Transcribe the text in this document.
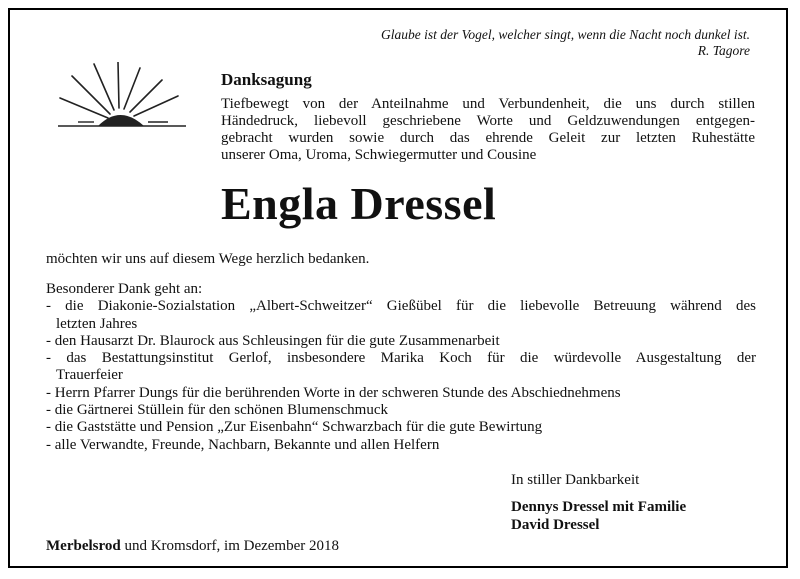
Glaube ist der Vogel, welcher singt, wenn die Nacht noch dunkel ist.
R. Tagore
Danksagung
Tiefbewegt von der Anteilnahme und Verbundenheit, die uns durch stillen
Händedruck, liebevoll geschriebene Worte und Geldzuwendungen entgegen-
gebracht wurden sowie durch das ehrende Geleit zur letzten Ruhestätte
unserer Oma, Uroma, Schwiegermutter und Cousine
Engla Dressel
möchten wir uns auf diesem Wege herzlich bedanken.
Besonderer Dank geht an:
- die Diakonie-Sozialstation „Albert-Schweitzer“ Gießübel für die liebevolle Betreuung während des
letzten Jahres
- den Hausarzt Dr. Blaurock aus Schleusingen für die gute Zusammenarbeit
- das Bestattungsinstitut Gerlof, insbesondere Marika Koch für die würdevolle Ausgestaltung der
Trauerfeier
- Herrn Pfarrer Dungs für die berührenden Worte in der schweren Stunde des Abschiednehmens
- die Gärtnerei Stüllein für den schönen Blumenschmuck
- die Gaststätte und Pension „Zur Eisenbahn“ Schwarzbach für die gute Bewirtung
- alle Verwandte, Freunde, Nachbarn, Bekannte und allen Helfern
In stiller Dankbarkeit
Dennys Dressel mit Familie
David Dressel
Merbelsrod und Kromsdorf, im Dezember 2018
